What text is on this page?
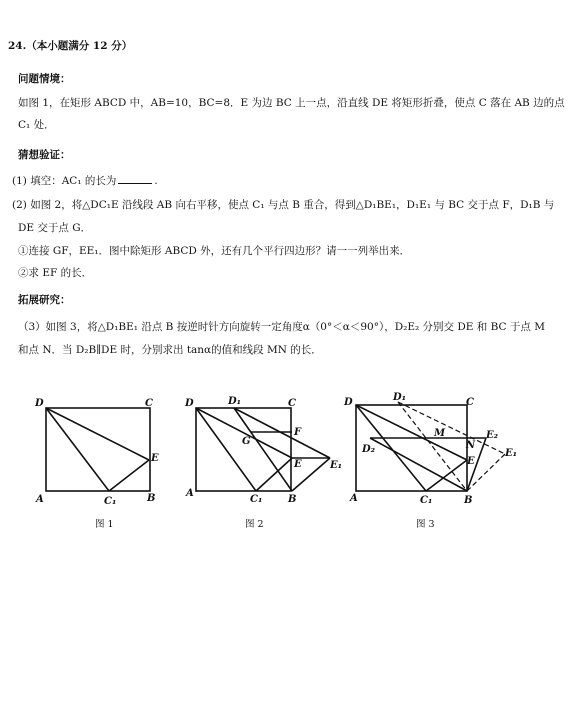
24.（本小题满分 12 分）
问题情境：
如图 1，在矩形 ABCD 中，AB=10，BC=8．E 为边 BC 上一点，沿直线 DE 将矩形折叠，使点 C 落在 AB 边的点
C₁ 处．
猜想验证：
(1) 填空：AC₁ 的长为	.
(2) 如图 2，将△DC₁E 沿线段 AB 向右平移，使点 C₁ 与点 B 重合，得到△D₁BE₁，D₁E₁ 与 BC 交于点 F，D₁B 与
DE 交于点 G．
①连接 GF，EE₁．图中除矩形 ABCD 外，还有几个平行四边形？请一一列举出来．
②求 EF 的长．
拓展研究：
（3）如图 3，将△D₁BE₁ 沿点 B 按逆时针方向旋转一定角度α（0°＜α＜90°），D₂E₂ 分别交 DE 和 BC 于点 M
和点 N．当 D₂B∥DE 时，分别求出 tanα的值和线段 MN 的长．
D	C
E
A	C₁	B
图 1
D	D₁	C
G
F
E	E₁
A
C₁	B
图 2
D	D₁	C
M	E₂
D₂	N
E
E₁
A	C₁	B
图 3
